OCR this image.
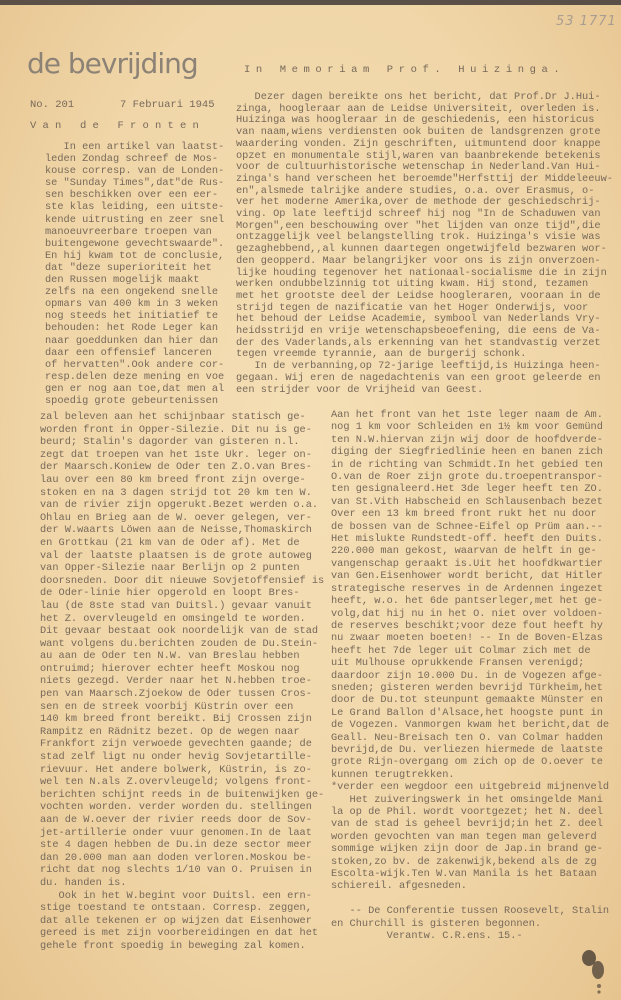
53 1771
de bevrijding
No. 201	7 Februari 1945
Van de Fronten
In Memoriam Prof. Huizinga.
Dezer dagen bereikte ons het bericht, dat Prof.Dr J.Hui-
zinga, hoogleraar aan de Leidse Universiteit, overleden is.
Huizinga was hoogleraar in de geschiedenis, een historicus
van naam,wiens verdiensten ook buiten de landsgrenzen grote
waardering vonden. Zijn geschriften, uitmuntend door knappe
opzet en monumentale stijl,waren van baanbrekende betekenis
voor de cultuurhistorische wetenschap in Nederland.Van Hui-
zinga's hand verscheen het beroemde"Herfsttij der Middeleeuw-
en",alsmede talrijke andere studies, o.a. over Erasmus, o-
ver het moderne Amerika,over de methode der geschiedschrij-
ving. Op late leeftijd schreef hij nog "In de Schaduwen van
Morgen",een beschouwing over "het lijden van onze tijd",die
ontzaggelijk veel belangstelling trok. Huizinga's visie was
gezaghebbend,,al kunnen daartegen ongetwijfeld bezwaren wor-
den geopperd. Maar belangrijker voor ons is zijn onverzoen-
lijke houding tegenover het nationaal-socialisme die in zijn
werken ondubbelzinnig tot uiting kwam. Hij stond, tezamen
met het grootste deel der Leidse hoogleraren, vooraan in de
strijd tegen de nazificatie van het Hoger Onderwijs, voor
het behoud der Leidse Academie, symbool van Nederlands Vry-
heidsstrijd en vrije wetenschapsbeoefening, die eens de Va-
der des Vaderlands,als erkenning van het standvastig verzet
tegen vreemde tyrannie, aan de burgerij schonk.
In de verbanning,op 72-jarige leeftijd,is Huizinga heen-
gegaan. Wij eren de nagedachtenis van een groot geleerde en
een strijder voor de Vrijheid van Geest.
In een artikel van laatst-
leden Zondag schreef de Mos-
kouse corresp. van de Londen-
se "Sunday Times",dat"de Rus-
sen beschikken over een eer-
ste klas leiding, een uitste-
kende uitrusting en zeer snel
manoeuvreerbare troepen van
buitengewone gevechtswaarde".
En hij kwam tot de conclusie,
dat "deze superioriteit het
den Russen mogelijk maakt
zelfs na een ongekend snelle
opmars van 400 km in 3 weken
nog steeds het initiatief te
behouden: het Rode Leger kan
naar goeddunken dan hier dan
daar een offensief lanceren
of hervatten".Ook andere cor-
resp.delen deze mening en voe
gen er nog aan toe,dat men al
spoedig grote gebeurtenissen
zal beleven aan het schijnbaar statisch ge-
worden front in Opper-Silezie. Dit nu is ge-
beurd; Stalin's dagorder van gisteren n.l.
zegt dat troepen van het 1ste Ukr. leger on-
der Maarsch.Koniew de Oder ten Z.O.van Bres-
lau over een 80 km breed front zijn overge-
stoken en na 3 dagen strijd tot 20 km ten W.
van de rivier zijn opgerukt.Bezet werden o.a.
Ohlau en Brieg aan de W. oever gelegen, ver-
der W.waarts Löwen aan de Neisse,Thomaskirch
en Grottkau (21 km van de Oder af). Met de
val der laatste plaatsen is de grote autoweg
van Opper-Silezie naar Berlijn op 2 punten
doorsneden. Door dit nieuwe Sovjetoffensief is
de Oder-linie hier opgerold en loopt Bres-
lau (de 8ste stad van Duitsl.) gevaar vanuit
het Z. overvleugeld en omsingeld te worden.
Dit gevaar bestaat ook noordelijk van de stad
want volgens du.berichten zouden de Du.Stein-
au aan de Oder ten N.W. van Breslau hebben
ontruimd; hierover echter heeft Moskou nog
niets gezegd. Verder naar het N.hebben troe-
pen van Maarsch.Zjoekow de Oder tussen Cros-
sen en de streek voorbij Küstrin over een
140 km breed front bereikt. Bij Crossen zijn
Rampitz en Rädnitz bezet. Op de wegen naar
Frankfort zijn verwoede gevechten gaande; de
stad zelf ligt nu onder hevig Sovjetartille-
rievuur. Het andere bolwerk, Küstrin, is zo-
wel ten N.als Z.overvleugeld; volgens front-
berichten schijnt reeds in de buitenwijken ge-
vochten worden. verder worden du. stellingen
aan de W.oever der rivier reeds door de Sov-
jet-artillerie onder vuur genomen.In de laat
ste 4 dagen hebben de Du.in deze sector meer
dan 20.000 man aan doden verloren.Moskou be-
richt dat nog slechts 1/10 van O. Pruisen in
du. handen is.
Ook in het W.begint voor Duitsl. een ern-
stige toestand te ontstaan. Corresp. zeggen,
dat alle tekenen er op wijzen dat Eisenhower
gereed is met zijn voorbereidingen en dat het
gehele front spoedig in beweging zal komen.
Aan het front van het 1ste leger naam de Am.
nog 1 km voor Schleiden en 1½ km voor Gemünd
ten N.W.hiervan zijn wij door de hoofdverde-
diging der Siegfriedlinie heen en banen zich
in de richting van Schmidt.In het gebied ten
O.van de Roer zijn grote du.troepentranspor-
ten gesignaleerd.Het 3de leger heeft ten ZO.
van St.Vith Habscheid en Schlausenbach bezet
Over een 13 km breed front rukt het nu door
de bossen van de Schnee-Eifel op Prüm aan.--
Het mislukte Rundstedt-off. heeft den Duits.
220.000 man gekost, waarvan de helft in ge-
vangenschap geraakt is.Uit het hoofdkwartier
van Gen.Eisenhower wordt bericht, dat Hitler
strategische reserves in de Ardennen ingezet
heeft, w.o. het 6de pantserleger,met het ge-
volg,dat hij nu in het O. niet over voldoen-
de reserves beschikt;voor deze fout heeft hy
nu zwaar moeten boeten! -- In de Boven-Elzas
heeft het 7de leger uit Colmar zich met de
uit Mulhouse oprukkende Fransen verenigd;
daardoor zijn 10.000 Du. in de Vogezen afge-
sneden; gisteren werden bevrijd Türkheim,het
door de Du.tot steunpunt gemaakte Münster en
Le Grand Ballon d'Alsace,het hoogste punt in
de Vogezen. Vanmorgen kwam het bericht,dat de
Geall. Neu-Breisach ten O. van Colmar hadden
bevrijd,de Du. verliezen hiermede de laatste
grote Rijn-overgang om zich op de O.oever te
kunnen terugtrekken.
*verder een wegdoor een uitgebreid mijnenveld
Het zuiveringswerk in het omsingelde Mani
la op de Phil. wordt voortgezet; het N. deel
van de stad is geheel bevrijd;in het Z. deel
worden gevochten van man tegen man geleverd
sommige wijken zijn door de Jap.in brand ge-
stoken,zo bv. de zakenwijk,bekend als de zg
Escolta-wijk.Ten W.van Manila is het Bataan
schiereil. afgesneden.

-- De Conferentie tussen Roosevelt, Stalin
en Churchill is gisteren begonnen.
Verantw. C.R.ens. 15.-
